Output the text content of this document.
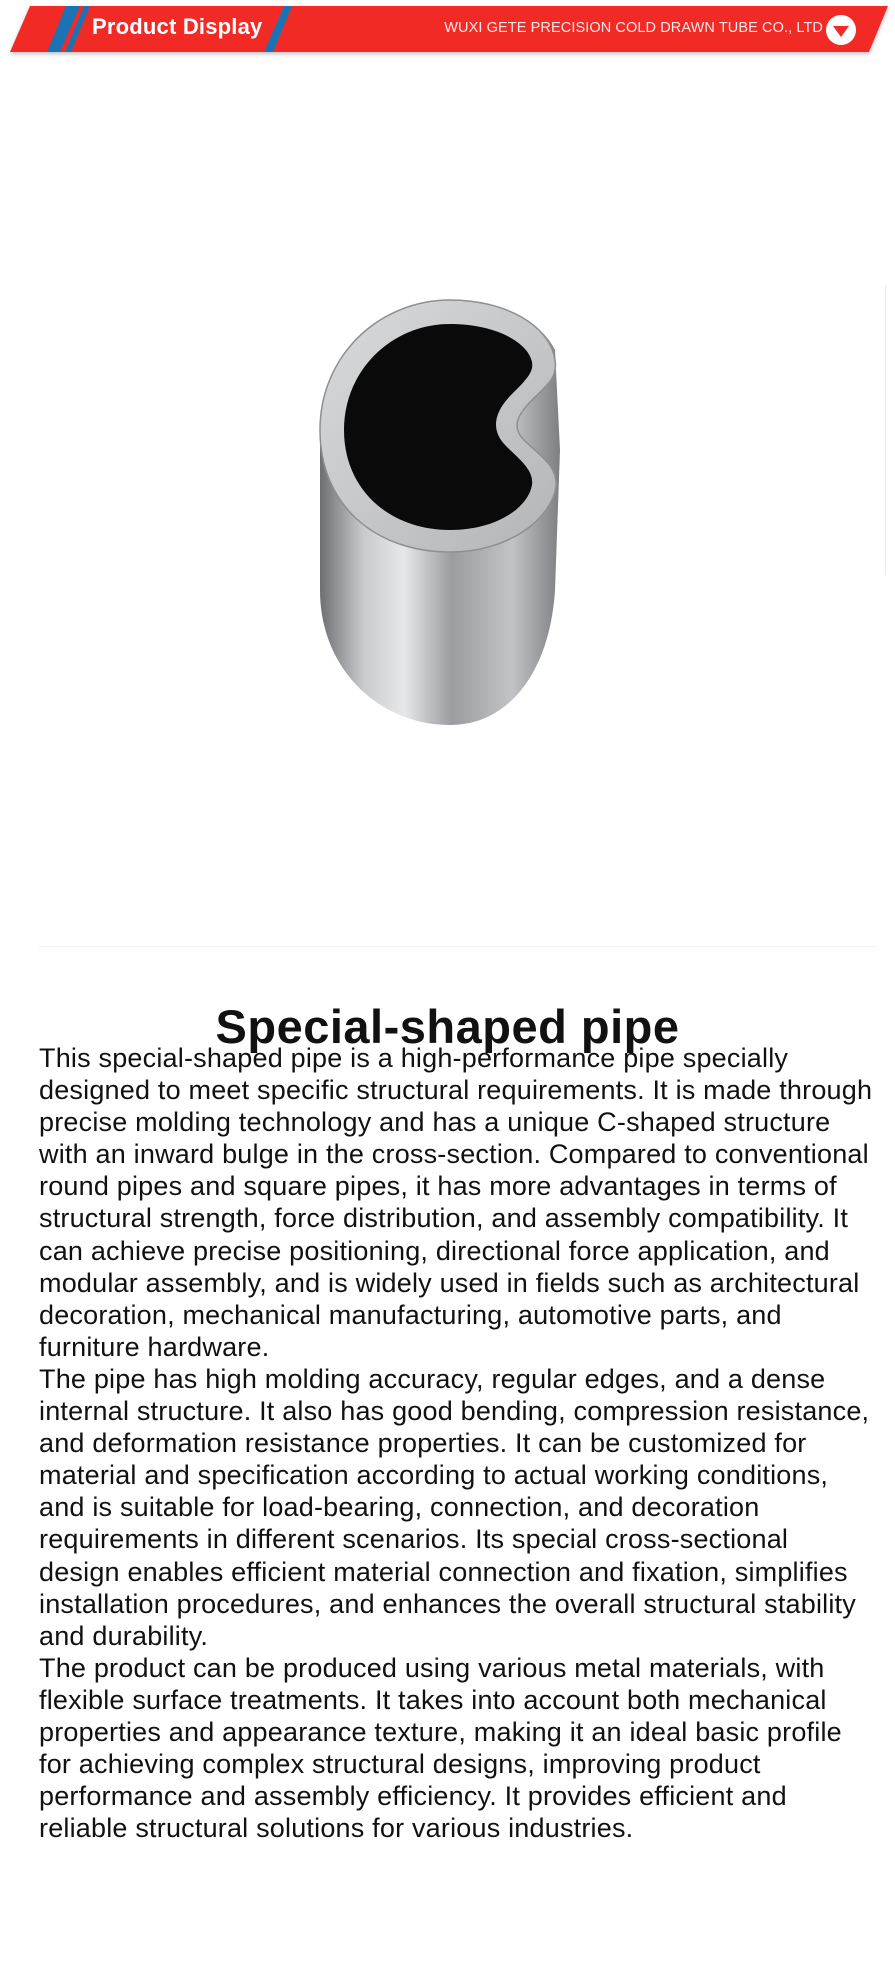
Product Display	WUXI GETE PRECISION COLD DRAWN TUBE CO., LTD
Special-shaped pipe

This special-shaped pipe is a high-performance pipe specially designed to meet specific structural requirements. It is made through precise molding technology and has a unique C-shaped structure with an inward bulge in the cross-section. Compared to conventional round pipes and square pipes, it has more advantages in terms of structural strength, force distribution, and assembly compatibility. It can achieve precise positioning, directional force application, and modular assembly, and is widely used in fields such as architectural decoration, mechanical manufacturing, automotive parts, and furniture hardware.

The pipe has high molding accuracy, regular edges, and a dense internal structure. It also has good bending, compression resistance, and deformation resistance properties. It can be customized for material and specification according to actual working conditions, and is suitable for load-bearing, connection, and decoration requirements in different scenarios. Its special cross-sectional design enables efficient material connection and fixation, simplifies installation procedures, and enhances the overall structural stability and durability.

The product can be produced using various metal materials, with flexible surface treatments. It takes into account both mechanical properties and appearance texture, making it an ideal basic profile for achieving complex structural designs, improving product performance and assembly efficiency. It provides efficient and reliable structural solutions for various industries.
